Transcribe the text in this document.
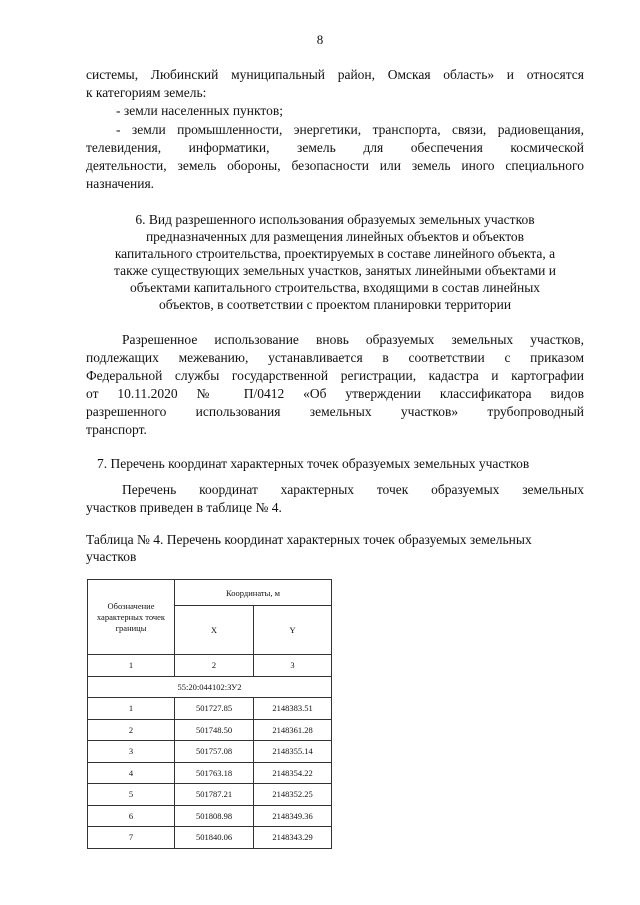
8
системы, Любинский муниципальный район, Омская область» и относятся
к категориям земель:
- земли населенных пунктов;
- земли промышленности, энергетики, транспорта, связи, радиовещания,
телевидения, информатики, земель для обеспечения космической
деятельности, земель обороны, безопасности или земель иного специального
назначения.
6. Вид разрешенного использования образуемых земельных участков
предназначенных для размещения линейных объектов и объектов
капитального строительства, проектируемых в составе линейного объекта, а
также существующих земельных участков, занятых линейными объектами и
объектами капитального строительства, входящими в состав линейных
объектов, в соответствии с проектом планировки территории
Разрешенное использование вновь образуемых земельных участков,
подлежащих межеванию, устанавливается в соответствии с приказом
Федеральной службы государственной регистрации, кадастра и картографии
от 10.11.2020 № П/0412 «Об утверждении классификатора видов
разрешенного использования земельных участков» трубопроводный
транспорт.
7. Перечень координат характерных точек образуемых земельных участков
Перечень координат характерных точек образуемых земельных
участков приведен в таблице № 4.
Таблица № 4. Перечень координат характерных точек образуемых земельных
участков
Обозначение характерных точек границы	Координаты, м	
	X	Y
1	2	3
55:20:044102:ЗУ2		
1	501727.85	2148383.51
2	501748.50	2148361.28
3	501757.08	2148355.14
4	501763.18	2148354.22
5	501787.21	2148352.25
6	501808.98	2148349.36
7	501840.06	2148343.29
